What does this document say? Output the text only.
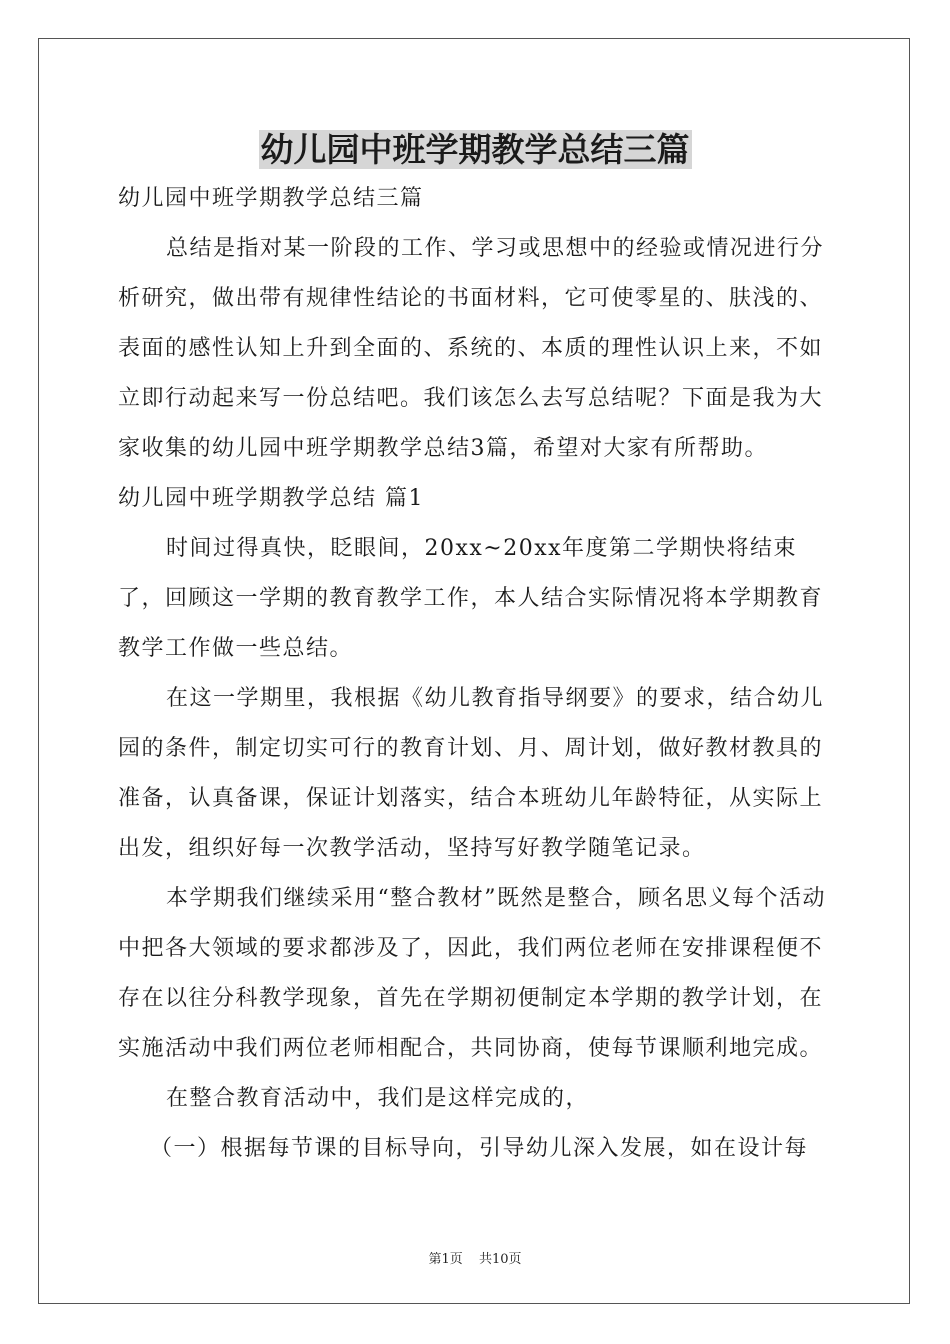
幼儿园中班学期教学总结三篇

幼儿园中班学期教学总结三篇

总结是指对某一阶段的工作、学习或思想中的经验或情况进行分析研究，做出带有规律性结论的书面材料，它可使零星的、肤浅的、表面的感性认知上升到全面的、系统的、本质的理性认识上来，不如立即行动起来写一份总结吧。我们该怎么去写总结呢？下面是我为大家收集的幼儿园中班学期教学总结3篇，希望对大家有所帮助。

幼儿园中班学期教学总结 篇1

时间过得真快，眨眼间，20xx~20xx年度第二学期快将结束了，回顾这一学期的教育教学工作，本人结合实际情况将本学期教育教学工作做一些总结。

在这一学期里，我根据《幼儿教育指导纲要》的要求，结合幼儿园的条件，制定切实可行的教育计划、月、周计划，做好教材教具的准备，认真备课，保证计划落实，结合本班幼儿年龄特征，从实际上出发，组织好每一次教学活动，坚持写好教学随笔记录。

本学期我们继续采用“整合教材”既然是整合，顾名思义每个活动中把各大领域的要求都涉及了，因此，我们两位老师在安排课程便不存在以往分科教学现象，首先在学期初便制定本学期的教学计划，在实施活动中我们两位老师相配合，共同协商，使每节课顺利地完成。

在整合教育活动中，我们是这样完成的，

（一）根据每节课的目标导向，引导幼儿深入发展，如在设计每

第1页 共10页
